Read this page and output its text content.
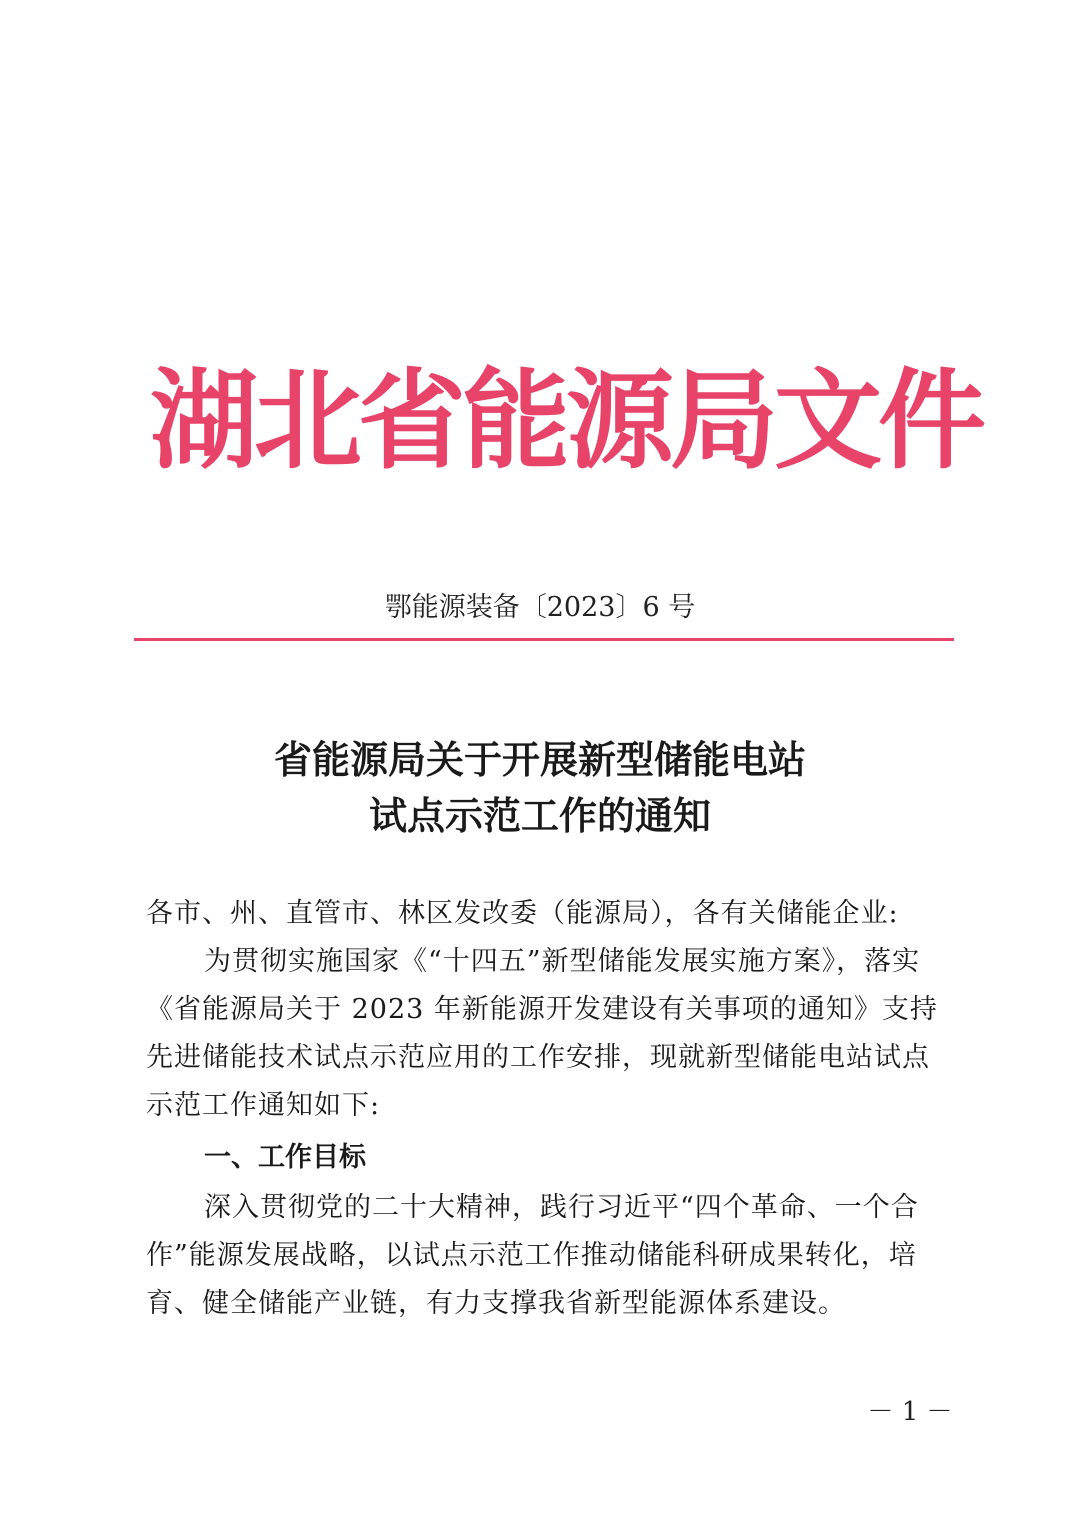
湖北省能源局文件
鄂能源装备〔2023〕6 号
省能源局关于开展新型储能电站
试点示范工作的通知
各市、州、直管市、林区发改委（能源局），各有关储能企业:
为贯彻实施国家《“十四五”新型储能发展实施方案》，落实
《省能源局关于 2023 年新能源开发建设有关事项的通知》支持
先进储能技术试点示范应用的工作安排，现就新型储能电站试点
示范工作通知如下:
一、工作目标
深入贯彻党的二十大精神，践行习近平“四个革命、一个合
作”能源发展战略，以试点示范工作推动储能科研成果转化，培
育、健全储能产业链，有力支撑我省新型能源体系建设。
－ 1 －
